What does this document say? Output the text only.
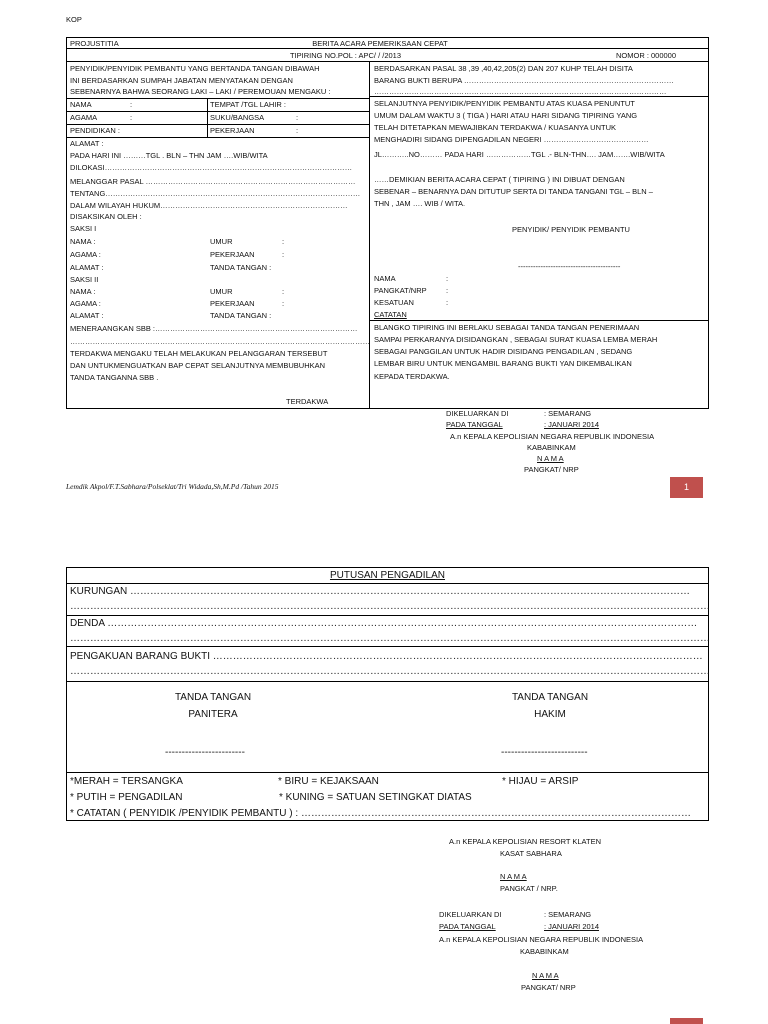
KOP
PROJUSTITIA	BERITA ACARA PEMERIKSAAN CEPAT
TIPIRING NO.POL : APC/ / /2013	NOMOR : 000000
PENYIDIK/PENYIDIK PEMBANTU YANG BERTANDA TANGAN DIBAWAH
INI BERDASARKAN SUMPAH JABATAN MENYATAKAN DENGAN
SEBENARNYA BAHWA SEORANG LAKI – LAKI / PEREMOUAN MENGAKU :
NAMA	:	TEMPAT /TGL LAHIR :
AGAMA	:	SUKU/BANGSA	:
PENDIDIKAN :	PEKERJAAN	:
ALAMAT :
PADA HARI INI ………TGL . BLN – THN JAM ….WIB/WITA
DILOKASI………………………………………………………………………………………
MELANGGAR PASAL …………………………………………………………………………
TENTANG…………………………………………………………………………………………
DALAM WILAYAH HUKUM…………………………………………………………………
DISAKSIKAN OLEH :
SAKSI I
NAMA :	UMUR	:
AGAMA :	PEKERJAAN	:
ALAMAT :	TANDA TANGAN :
SAKSI II
NAMA :	UMUR	:
AGAMA :	PEKERJAAN	:
ALAMAT :	TANDA TANGAN :
MENERAANGKAN SBB :………………………………………………………………………
…………………………………………………………………………………………………………
TERDAKWA MENGAKU TELAH MELAKUKAN PELANGGARAN TERSEBUT
DAN UNTUKMENGUATKAN BAP CEPAT SELANJUTNYA MEMBUBUHKAN
TANDA TANGANNA SBB .
BERDASARKAN PASAL 38 ,39 ,40,42,205(2) DAN 207 KUHP TELAH DISITA
BARANG BUKTI BERUPA …………………………………………………………………………
………………………………………………………………………………………………………
SELANJUTNYA PENYIDIK/PENYIDIK PEMBANTU ATAS KUASA PENUNTUT
UMUM DALAM WAKTU 3 ( TIGA ) HARI ATAU HARI SIDANG TIPIRING YANG
TELAH DITETAPKAN MEWAJIBKAN TERDAKWA / KUASANYA UNTUK
MENGHADIRI SIDANG DIPENGADILAN NEGERI ……………………………………
JL………..NO……… PADA HARI ………………TGL .- BLN-THN…. JAM…….WIB/WITA
……DEMIKIAN BERITA ACARA CEPAT ( TIPIRING ) INI DIBUAT DENGAN
SEBENAR – BENARNYA DAN DITUTUP SERTA DI TANDA TANGANI TGL – BLN –
THN , JAM …. WIB / WITA.
PENYIDIK/ PENYIDIK PEMBANTU
-----------------------------------------
NAMA	:
PANGKAT/NRP	:
KESATUAN	:
CATATAN
BLANGKO TIPIRING INI BERLAKU SEBAGAI TANDA TANGAN PENERIMAAN
SAMPAI PERKARANYA DISIDANGKAN , SEBAGAI SURAT KUASA LEMBA MERAH
SEBAGAI PANGGILAN UNTUK HADIR DISIDANG PENGADILAN , SEDANG
LEMBAR BIRU UNTUK MENGAMBIL BARANG BUKTI YAN DIKEMBALIKAN
KEPADA TERDAKWA.
TERDAKWA
DIKELUARKAN DI	: SEMARANG
PADA TANGGAL	: JANUARI 2014
A.n KEPALA KEPOLISIAN NEGARA REPUBLIK INDONESIA
KABABINKAM
N A M A
PANGKAT/ NRP
Lemdik Akpol/F.T.Sabhara/Polseklat/Tri Widada,Sh,M.Pd /Tahun 2015	1
PUTUSAN PENGADILAN
KURUNGAN ……………………………………………………………………………………………………………………………………………………
…………………………………………………………………………………………………………………………………………………………………………
DENDA ……………………………………………………………………………………………………………………………………………………………
…………………………………………………………………………………………………………………………………………………………………………
PENGAKUAN BARANG BUKTI …………………………………………………………………………………………………………………………………
…………………………………………………………………………………………………………………………………………………………………………
TANDA TANGAN
PANITERA
TANDA TANGAN
HAKIM
------------------------	--------------------------
*MERAH = TERSANGKA	* BIRU = KEJAKSAAN	* HIJAU = ARSIP
* PUTIH = PENGADILAN	* KUNING = SATUAN SETINGKAT DIATAS
* CATATAN ( PENYIDIK /PENYIDIK PEMBANTU ) : ………………………………………………………………………………………………………
A.n KEPALA KEPOLISIAN RESORT KLATEN
KASAT SABHARA
N A M A
PANGKAT / NRP.
DIKELUARKAN DI	: SEMARANG
PADA TANGGAL	: JANUARI 2014
A.n KEPALA KEPOLISIAN NEGARA REPUBLIK INDONESIA
KABABINKAM
N A M A
PANGKAT/ NRP
